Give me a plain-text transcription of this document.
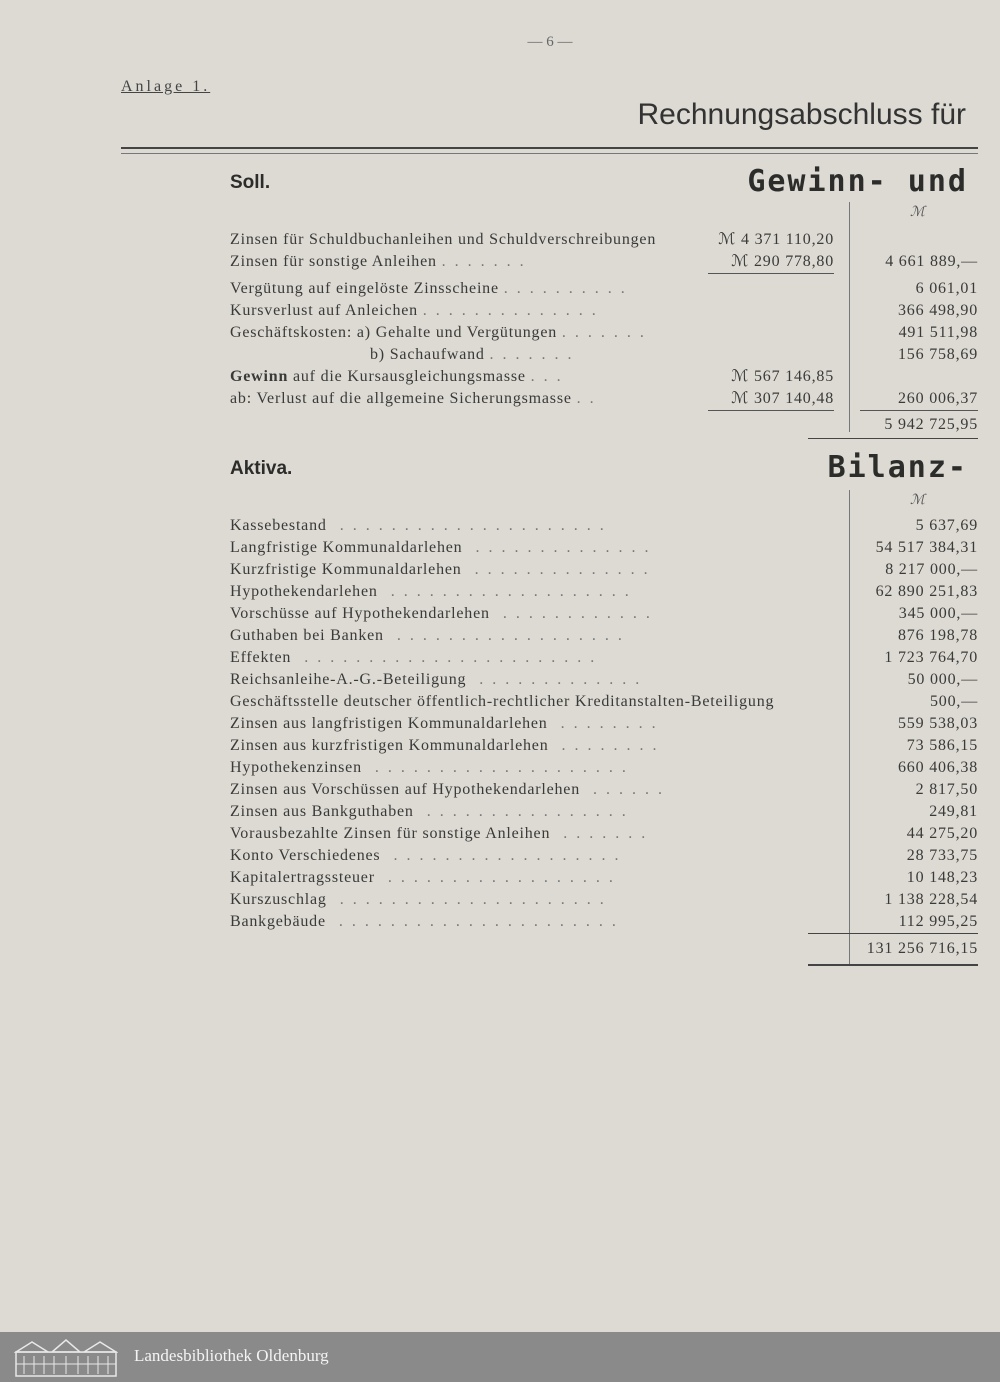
— 6 —
Anlage 1.
Rechnungsabschluss für
Soll.	Gewinn- und
ℳ
Zinsen für Schuldbuchanleihen und Schuldverschreibungen	ℳ 4 371 110,20
Zinsen für sonstige Anleihen .......	ℳ 290 778,80	4 661 889,—
Vergütung auf eingelöste Zinsscheine ..........	6 061,01
Kursverlust auf Anleichen ..............	366 498,90
Geschäftskosten: a) Gehalte und Vergütungen .......	491 511,98
b) Sachaufwand .......	156 758,69
Gewinn auf die Kursausgleichungsmasse ...	ℳ 567 146,85
ab: Verlust auf die allgemeine Sicherungsmasse ..	ℳ 307 140,48	260 006,37
5 942 725,95
Aktiva.	Bilanz-
ℳ
Kassebestand .....................	5 637,69
Langfristige Kommunaldarlehen ..............	54 517 384,31
Kurzfristige Kommunaldarlehen ..............	8 217 000,—
Hypothekendarlehen ...................	62 890 251,83
Vorschüsse auf Hypothekendarlehen ............	345 000,—
Guthaben bei Banken ..................	876 198,78
Effekten .......................	1 723 764,70
Reichsanleihe-A.-G.-Beteiligung .............	50 000,—
Geschäftsstelle deutscher öffentlich-rechtlicher Kreditanstalten-Beteiligung	500,—
Zinsen aus langfristigen Kommunaldarlehen ........	559 538,03
Zinsen aus kurzfristigen Kommunaldarlehen ........	73 586,15
Hypothekenzinsen ....................	660 406,38
Zinsen aus Vorschüssen auf Hypothekendarlehen ......	2 817,50
Zinsen aus Bankguthaben ................	249,81
Vorausbezahlte Zinsen für sonstige Anleihen .......	44 275,20
Konto Verschiedenes ..................	28 733,75
Kapitalertragssteuer ..................	10 148,23
Kurszuschlag .....................	1 138 228,54
Bankgebäude ......................	112 995,25
131 256 716,15
Landesbibliothek Oldenburg
